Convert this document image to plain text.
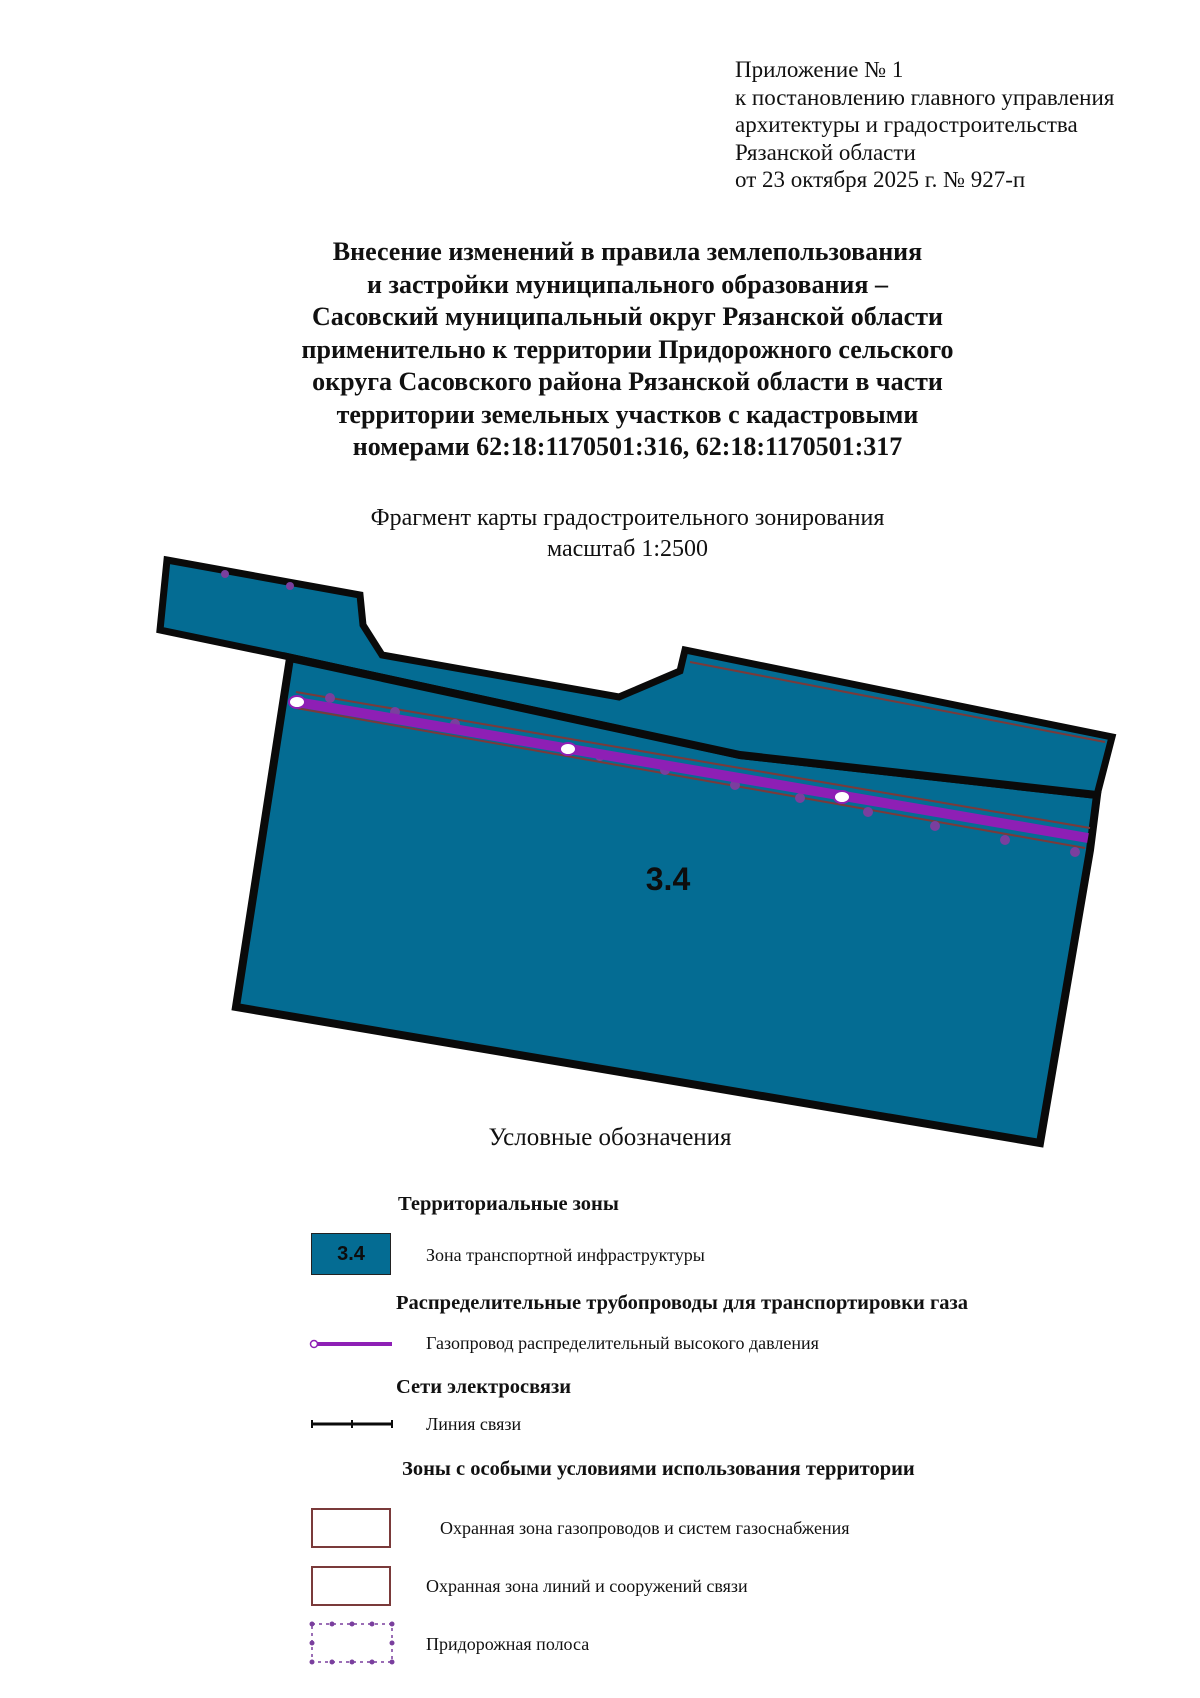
Приложение № 1
к постановлению главного управления
архитектуры и градостроительства
Рязанской области
от 23 октября 2025 г. № 927-п
Внесение изменений в правила землепользования
и застройки муниципального образования –
Сасовский муниципальный округ Рязанской области
применительно к территории Придорожного сельского
округа Сасовского района Рязанской области в части
территории земельных участков с кадастровыми
номерами 62:18:1170501:316, 62:18:1170501:317
Фрагмент карты градостроительного зонирования
масштаб 1:2500
3.4
Условные обозначения
Территориальные зоны
3.4	Зона транспортной инфраструктуры
Распределительные трубопроводы для транспортировки газа
Газопровод распределительный высокого давления
Сети электросвязи
Линия связи
Зоны с особыми условиями использования территории
Охранная зона газопроводов и систем газоснабжения
Охранная зона линий и сооружений связи
Придорожная полоса
